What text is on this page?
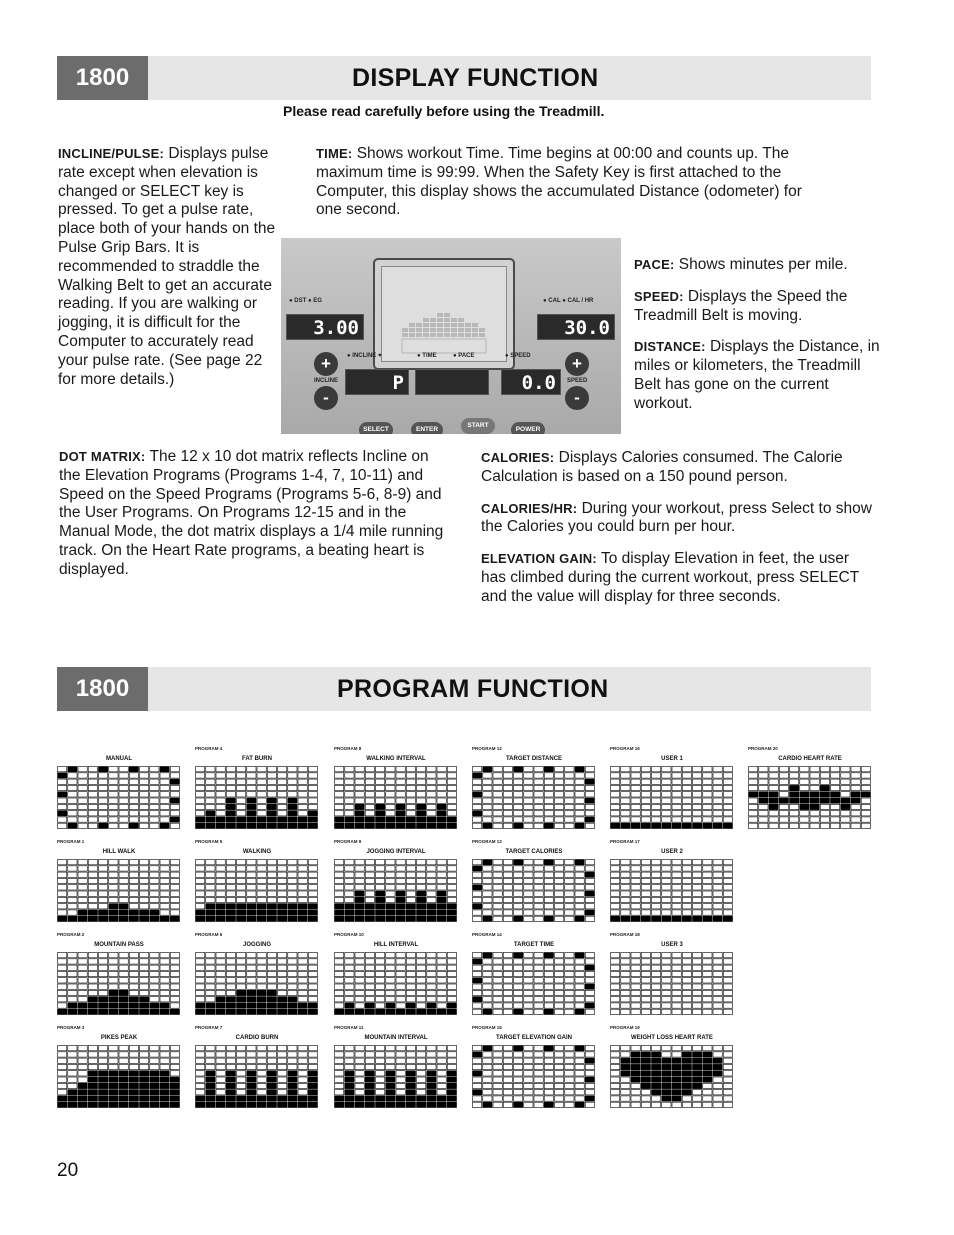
1800	DISPLAY FUNCTION
Please read carefully before using the Treadmill.
INCLINE/PULSE: Displays pulse rate except when elevation is changed or SELECT key is pressed. To get a pulse rate, place both of your hands on the Pulse Grip Bars. It is recommended to straddle the Walking Belt to get an accurate reading. If you are walking or jogging, it is difficult for the Computer to accurately read your pulse rate. (See page 22 for more details.)
TIME: Shows workout Time. Time begins at 00:00 and counts up. The maximum time is 99:99. When the Safety Key is first attached to the Computer, this display shows the accumulated Distance (odometer) for one second.
● DST ● EG	● CAL ● CAL / HR
3.00	30.0
● INCLINE ♥	● TIME	● PACE	● SPEED
P	0.0
+
-
INCLINE
+
-
SPEED
SELECT	ENTER
START
POWER

PACE: Shows minutes per mile.

SPEED: Displays the Speed the Treadmill Belt is moving.

DISTANCE: Displays the Distance, in miles or kilometers, the Treadmill Belt has gone on the current workout.

DOT MATRIX: The 12 x 10 dot matrix reflects Incline on the Elevation Programs (Programs 1-4, 7, 10-11) and Speed on the Speed Programs (Programs 5-6, 8-9) and the User Programs. On Programs 12-15 and in the Manual Mode, the dot matrix displays a 1/4 mile running track. On the Heart Rate programs, a beating heart is displayed.

CALORIES: Displays Calories consumed. The Calorie Calculation is based on a 150 pound person.

CALORIES/HR: During your workout, press Select to show the Calories you could burn per hour.

ELEVATION GAIN: To display Elevation in feet, the user has climbed during the current workout, press SELECT and the value will display for three seconds.

1800	PROGRAM FUNCTION
MANUAL
PROGRAM 1
HILL WALK
PROGRAM 2
MOUNTAIN PASS
PROGRAM 3
PIKES PEAK
PROGRAM 4
FAT BURN
PROGRAM 5
WALKING
PROGRAM 6
JOGGING
PROGRAM 7
CARDIO BURN
PROGRAM 8
WALKING INTERVAL
PROGRAM 9
JOGGING INTERVAL
PROGRAM 10
HILL INTERVAL
PROGRAM 11
MOUNTAIN INTERVAL
PROGRAM 12
TARGET DISTANCE
PROGRAM 13
TARGET CALORIES
PROGRAM 14
TARGET TIME
PROGRAM 15
TARGET ELEVATION GAIN
PROGRAM 16
USER 1
PROGRAM 17
USER 2
PROGRAM 18
USER 3
PROGRAM 19
WEIGHT LOSS HEART RATE
PROGRAM 20
CARDIO HEART RATE
20
